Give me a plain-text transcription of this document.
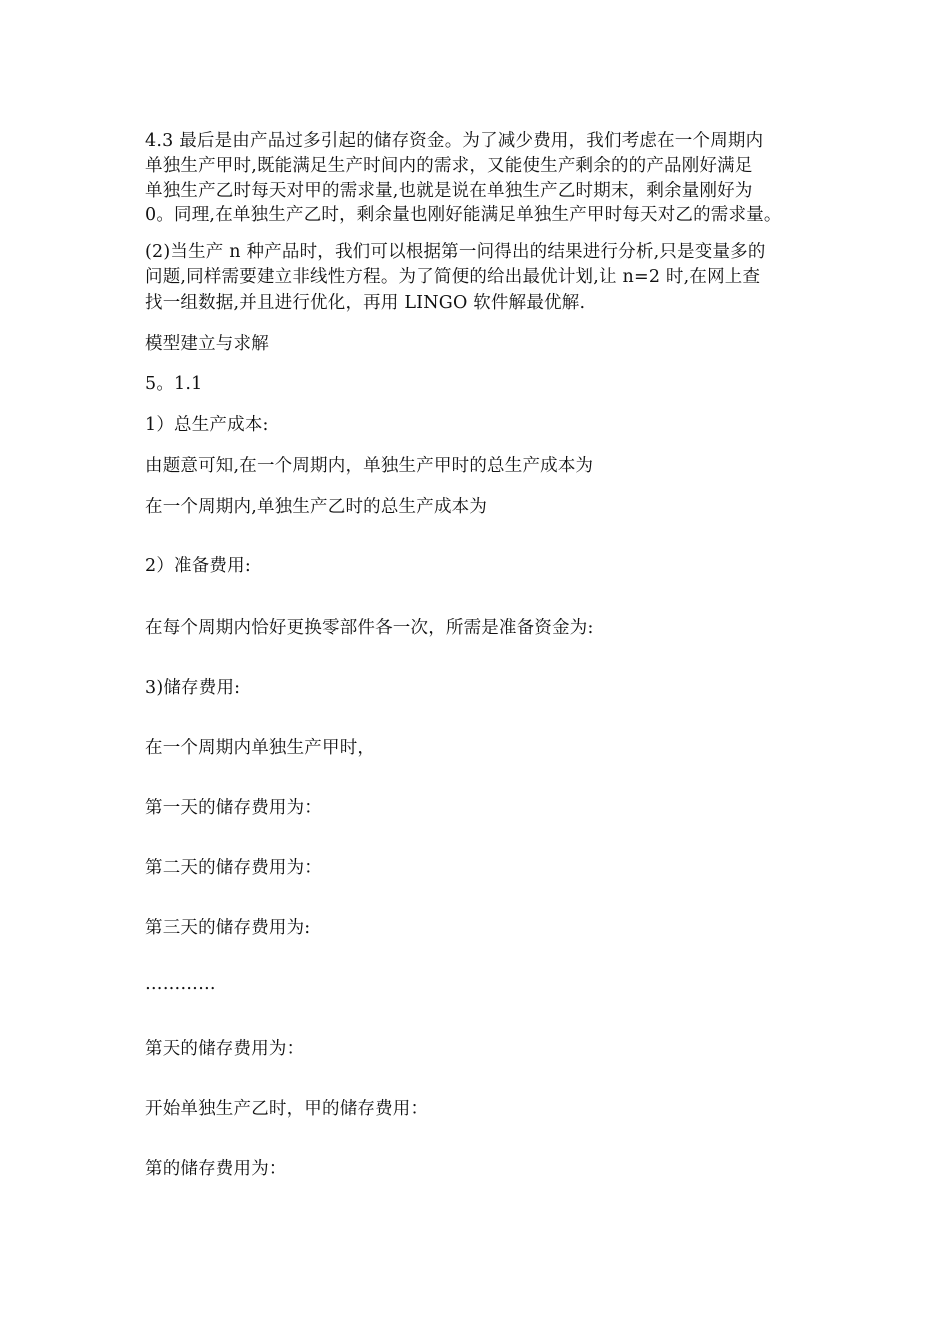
4.3 最后是由产品过多引起的储存资金。为了减少费用，我们考虑在一个周期内
单独生产甲时,既能满足生产时间内的需求，又能使生产剩余的的产品刚好满足
单独生产乙时每天对甲的需求量,也就是说在单独生产乙时期末，剩余量刚好为
0。同理,在单独生产乙时，剩余量也刚好能满足单独生产甲时每天对乙的需求量。
(2)当生产 n 种产品时，我们可以根据第一问得出的结果进行分析,只是变量多的
问题,同样需要建立非线性方程。为了简便的给出最优计划,让 n=2 时,在网上查
找一组数据,并且进行优化，再用 LINGO 软件解最优解.
模型建立与求解
5。1.1
1）总生产成本:
由题意可知,在一个周期内，单独生产甲时的总生产成本为
在一个周期内,单独生产乙时的总生产成本为
2）准备费用:
在每个周期内恰好更换零部件各一次，所需是准备资金为:
3)储存费用:
在一个周期内单独生产甲时，
第一天的储存费用为：
第二天的储存费用为：
第三天的储存费用为:
…………
第天的储存费用为：
开始单独生产乙时，甲的储存费用：
第的储存费用为：
